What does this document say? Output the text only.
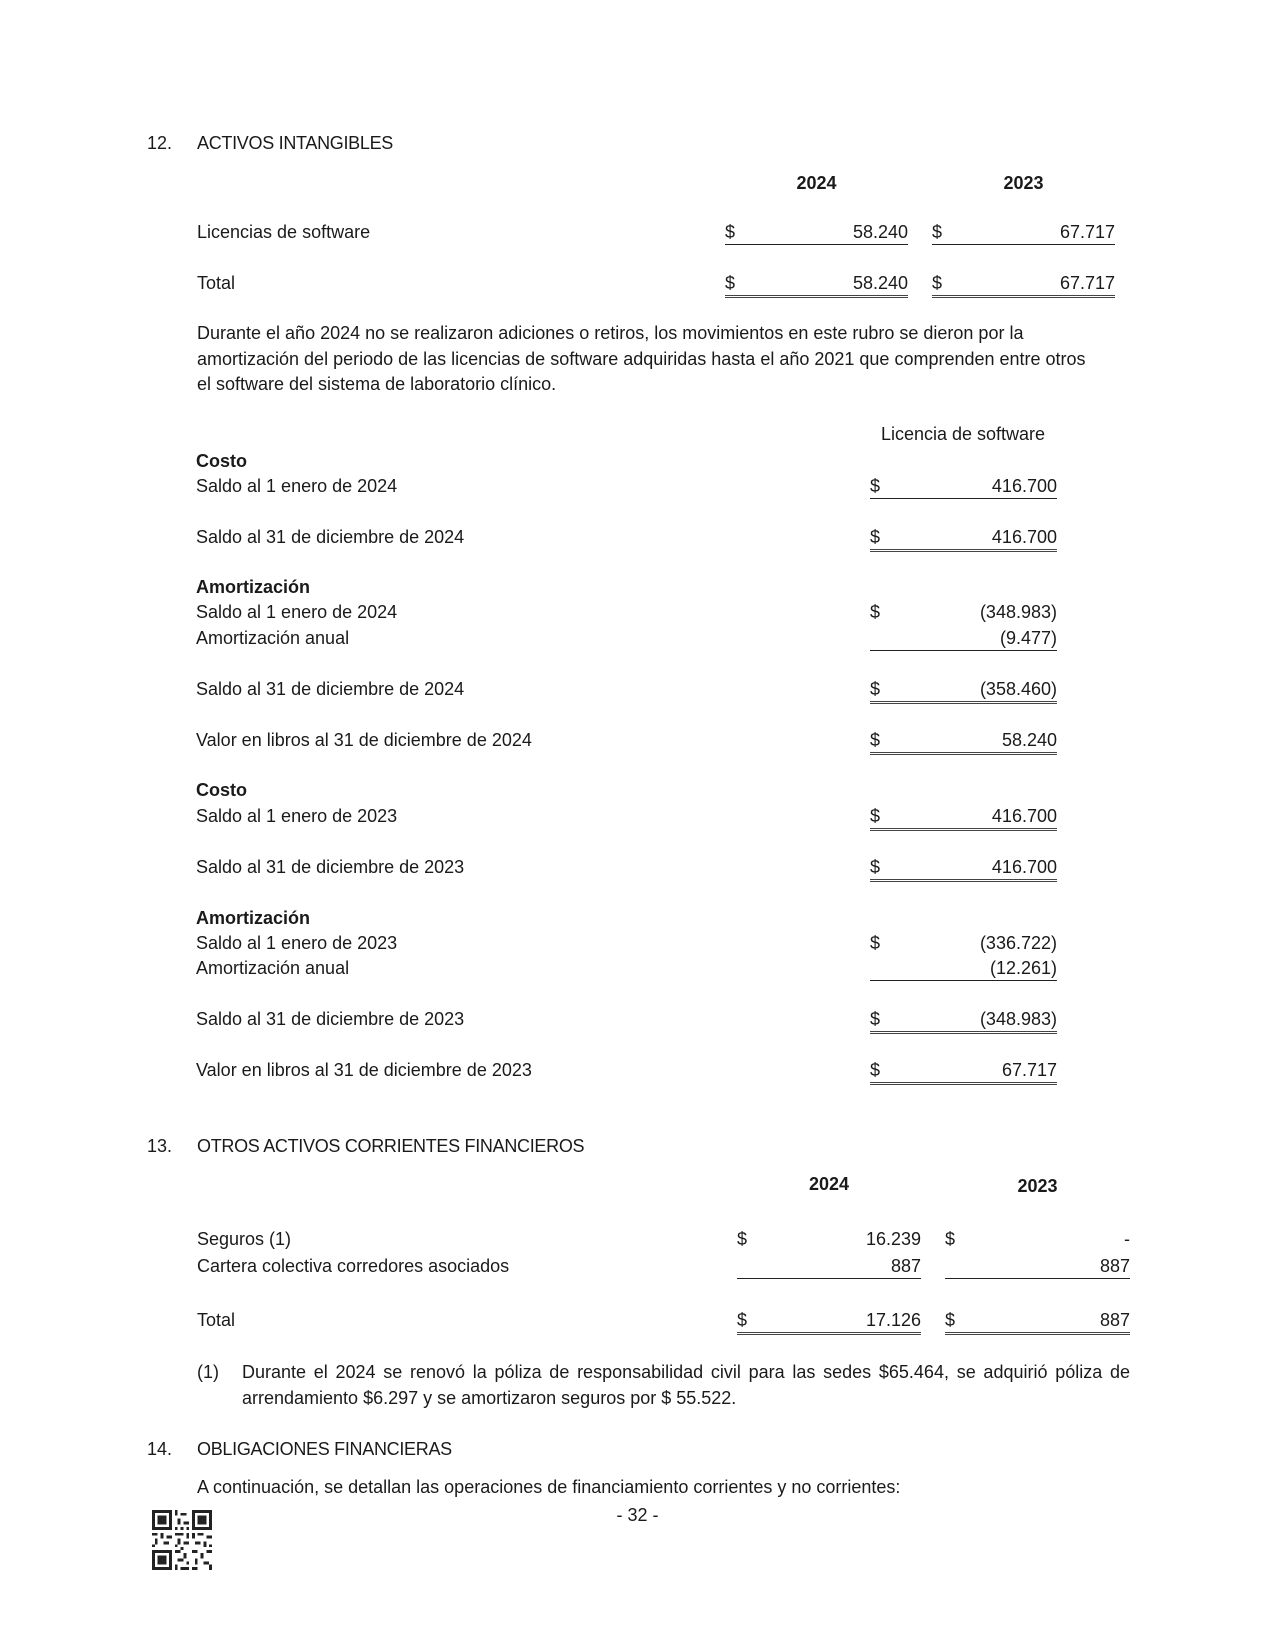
12. ACTIVOS INTANGIBLES
2024	2023
Licencias de software	$	58.240 $	67.717
Total	$	58.240 $	67.717
Durante el año 2024 no se realizaron adiciones o retiros, los movimientos en este rubro se dieron por la amortización del periodo de las licencias de software adquiridas hasta el año 2021 que comprenden entre otros el software del sistema de laboratorio clínico.
Licencia de software
Costo
Saldo al 1 enero de 2024	$	416.700
Saldo al 31 de diciembre de 2024	$	416.700
Amortización
Saldo al 1 enero de 2024	$	(348.983)
Amortización anual	(9.477)
Saldo al 31 de diciembre de 2024	$	(358.460)
Valor en libros al 31 de diciembre de 2024	$	58.240
Costo
Saldo al 1 enero de 2023	$	416.700
Saldo al 31 de diciembre de 2023	$	416.700
Amortización
Saldo al 1 enero de 2023	$	(336.722)
Amortización anual	(12.261)
Saldo al 31 de diciembre de 2023	$	(348.983)
Valor en libros al 31 de diciembre de 2023	$	67.717
13. OTROS ACTIVOS CORRIENTES FINANCIEROS
2024	2023
Seguros (1)	$	16.239 $	-
Cartera colectiva corredores asociados	887	887
Total	$	17.126 $	887
(1) Durante el 2024 se renovó la póliza de responsabilidad civil para las sedes $65.464, se adquirió póliza de arrendamiento $6.297 y se amortizaron seguros por $ 55.522.
14. OBLIGACIONES FINANCIERAS
A continuación, se detallan las operaciones de financiamiento corrientes y no corrientes:
- 32 -
